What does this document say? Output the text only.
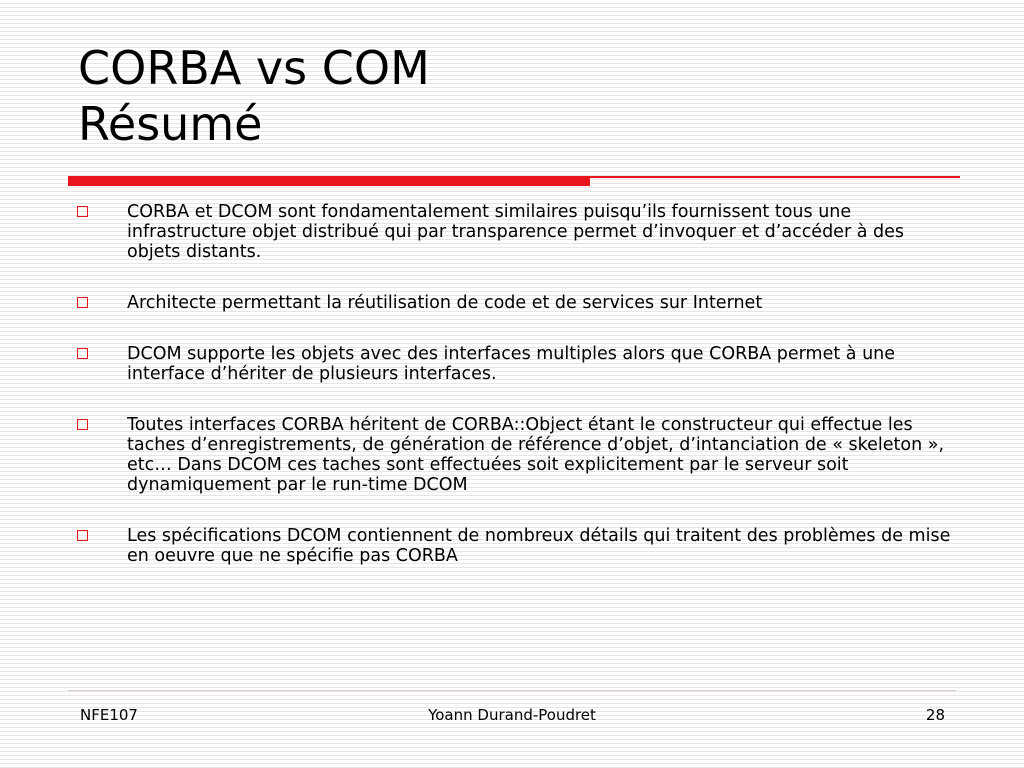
CORBA vs COM
Résumé
CORBA et DCOM sont fondamentalement similaires puisqu’ils fournissent tous une infrastructure objet distribué qui par transparence permet d’invoquer et d’accéder à des objets distants.
Architecte permettant la réutilisation de code et de services sur Internet
DCOM supporte les objets avec des interfaces multiples alors que CORBA permet à une interface d’hériter de plusieurs interfaces.
Toutes interfaces CORBA héritent de CORBA::Object étant le constructeur qui effectue les taches d’enregistrements, de génération de référence d’objet, d’intanciation de « skeleton », etc… Dans DCOM ces taches sont effectuées soit explicitement par le serveur soit dynamiquement par le run-time DCOM
Les spécifications DCOM contiennent de nombreux détails qui traitent des problèmes de mise en oeuvre que ne spécifie pas CORBA
NFE107	Yoann Durand-Poudret	28
